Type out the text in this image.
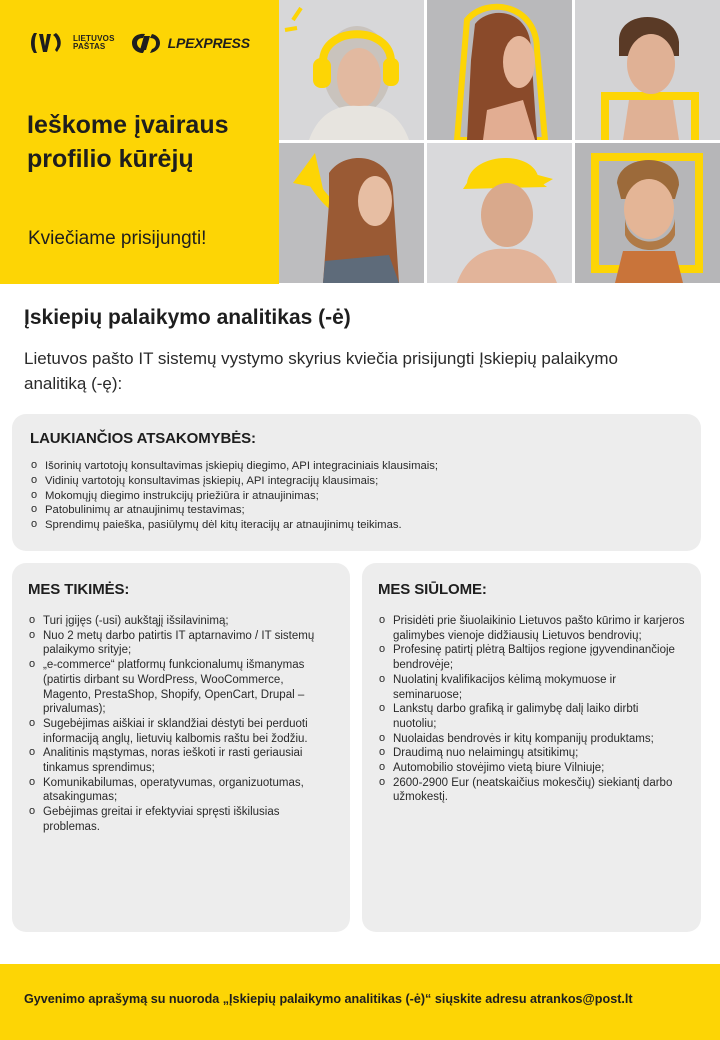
LIETUVOS
PAŠTAS	LPEXPRESS
Ieškome įvairaus profilio kūrėjų
Kviečiame prisijungti!
Įskiepių palaikymo analitikas (-ė)

Lietuvos pašto IT sistemų vystymo skyrius kviečia prisijungti Įskiepių palaikymo analitiką (-ę):

LAUKIANČIOS ATSAKOMYBĖS:
o Išorinių vartotojų konsultavimas įskiepių diegimo, API integraciniais klausimais;
o Vidinių vartotojų konsultavimas įskiepių, API integracijų klausimais;
o Mokomųjų diegimo instrukcijų priežiūra ir atnaujinimas;
o Patobulinimų ar atnaujinimų testavimas;
o Sprendimų paieška, pasiūlymų dėl kitų iteracijų ar atnaujinimų teikimas.
MES TIKIMĖS:
o Turi įgijęs (-usi) aukštąjį išsilavinimą;
o Nuo 2 metų darbo patirtis IT aptarnavimo / IT sistemų palaikymo srityje;
o „e-commerce“ platformų funkcionalumų išmanymas (patirtis dirbant su WordPress, WooCommerce, Magento, PrestaShop, Shopify, OpenCart, Drupal – privalumas);
o Sugebėjimas aiškiai ir sklandžiai dėstyti bei perduoti informaciją anglų, lietuvių kalbomis raštu bei žodžiu.
o Analitinis mąstymas, noras ieškoti ir rasti geriausiai tinkamus sprendimus;
o Komunikabilumas, operatyvumas, organizuotumas, atsakingumas;
o Gebėjimas greitai ir efektyviai spręsti iškilusias problemas.
MES SIŪLOME:
o Prisidėti prie šiuolaikinio Lietuvos pašto kūrimo ir karjeros galimybes vienoje didžiausių Lietuvos bendrovių;
o Profesinę patirtį plėtrą Baltijos regione įgyvendinančioje bendrovėje;
o Nuolatinį kvalifikacijos kėlimą mokymuose ir seminaruose;
o Lankstų darbo grafiką ir galimybę dalį laiko dirbti nuotoliu;
o Nuolaidas bendrovės ir kitų kompanijų produktams;
o Draudimą nuo nelaimingų atsitikimų;
o Automobilio stovėjimo vietą biure Vilniuje;
o 2600-2900 Eur (neatskaičius mokesčių) siekiantį darbo užmokestį.

Gyvenimo aprašymą su nuoroda „Įskiepių palaikymo analitikas (-ė)“ siųskite adresu atrankos@post.lt
